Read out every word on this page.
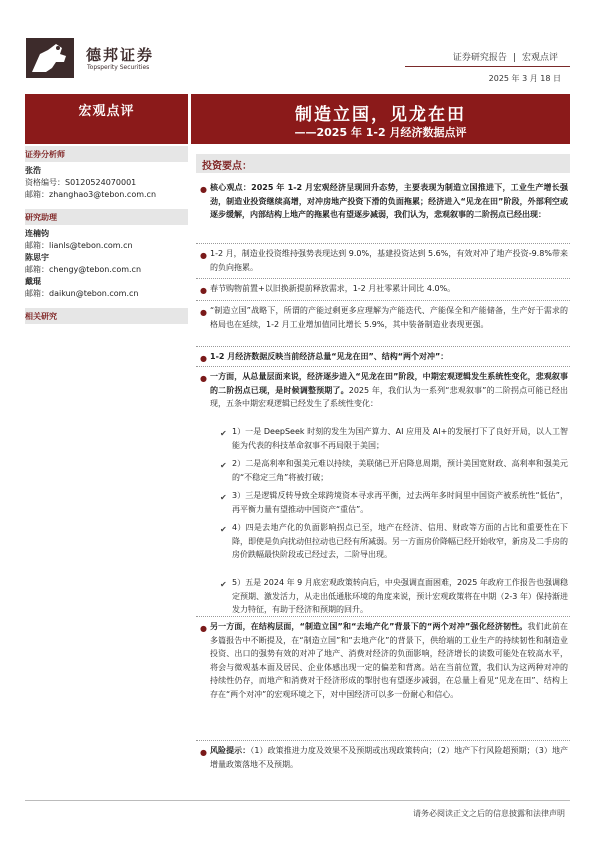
德邦证券
Topsperity Securities
证券研究报告 | 宏观点评
2025 年 3 月 18 日
宏观点评	制造立国，见龙在田
——2025 年 1-2 月经济数据点评
证券分析师
张浩
资格编号：S0120524070001
邮箱：zhanghao3@tebon.com.cn
研究助理
连楠钧
邮箱：lianls@tebon.com.cn
陈思宇
邮箱：chengy@tebon.com.cn
戴琨
邮箱：daikun@tebon.com.cn
相关研究
投资要点：
● 核心观点：2025 年 1-2 月宏观经济呈现回升态势，主要表现为制造立国推进下，工业生产增长强劲，制造业投资继续高增，对冲房地产投资下滑的负面拖累；经济进入“见龙在田”阶段，外部利空或逐步缓解，内部结构上地产的拖累也有望逐步减弱，我们认为，悲观叙事的二阶拐点已经出现：
● 1-2 月，制造业投资维持强势表现达到 9.0%，基建投资达到 5.6%，有效对冲了地产投资-9.8%带来的负向拖累。
● 春节购物前置+以旧换新提前释放需求，1-2 月社零累计同比 4.0%。
● “制造立国”战略下，所谓的产能过剩更多应理解为产能迭代、产能保全和产能储备，生产好于需求的格局也在延续，1-2 月工业增加值同比增长 5.9%，其中装备制造业表现更强。
● 1-2 月经济数据反映当前经济总量“见龙在田”、结构“两个对冲”：
● 一方面，从总量层面来说，经济逐步进入“见龙在田”阶段，中期宏观逻辑发生系统性变化，悲观叙事的二阶拐点已现，是时候调整预期了。2025 年，我们认为一系列“悲观叙事”的二阶拐点可能已经出现，五条中期宏观逻辑已经发生了系统性变化：
✔ 1）一是 DeepSeek 时刻的发生为国产算力、AI 应用及 AI+的发展打下了良好开局，以人工智能为代表的科技革命叙事不再局限于美国；
✔ 2）二是高利率和强美元难以持续，美联储已开启降息周期，预计美国宽财政、高利率和强美元的“不稳定三角”将被打破；
✔ 3）三是逻辑反转导致全球跨境资本寻求再平衡，过去两年多时间里中国资产被系统性“低估”，再平衡力量有望推动中国资产“重估”。
✔ 4）四是去地产化的负面影响拐点已至，地产在经济、信用、财政等方面的占比和重要性在下降，即使是负向扰动但拉动也已经有所减弱。另一方面房价降幅已经开始收窄，新房及二手房的房价跌幅最快阶段或已经过去，二阶导出现。
✔ 5）五是 2024 年 9 月底宏观政策转向后，中央强调直面困难，2025 年政府工作报告也强调稳定预期、激发活力，从走出低通胀环境的角度来说，预计宏观政策将在中期（2-3 年）保持渐进发力特征，有助于经济和预期的回升。
● 另一方面，在结构层面，“制造立国”和“去地产化”背景下的“两个对冲”强化经济韧性。我们此前在多篇报告中不断提及，在“制造立国”和“去地产化”的背景下，供给端的工业生产的持续韧性和制造业投资、出口的强势有效的对冲了地产、消费对经济的负面影响，经济增长的读数可能处在较高水平，将会与微观基本面及居民、企业体感出现一定的偏差和背离。站在当前位置，我们认为这两种对冲的持续性仍存，而地产和消费对于经济形成的掣肘也有望逐步减弱，在总量上看见“见龙在田”、结构上存在“两个对冲”的宏观环境之下，对中国经济可以多一份耐心和信心。
● 风险提示：（1）政策推进力度及效果不及预期或出现政策转向；（2）地产下行风险超预期；（3）地产增量政策落地不及预期。
请务必阅读正文之后的信息披露和法律声明
